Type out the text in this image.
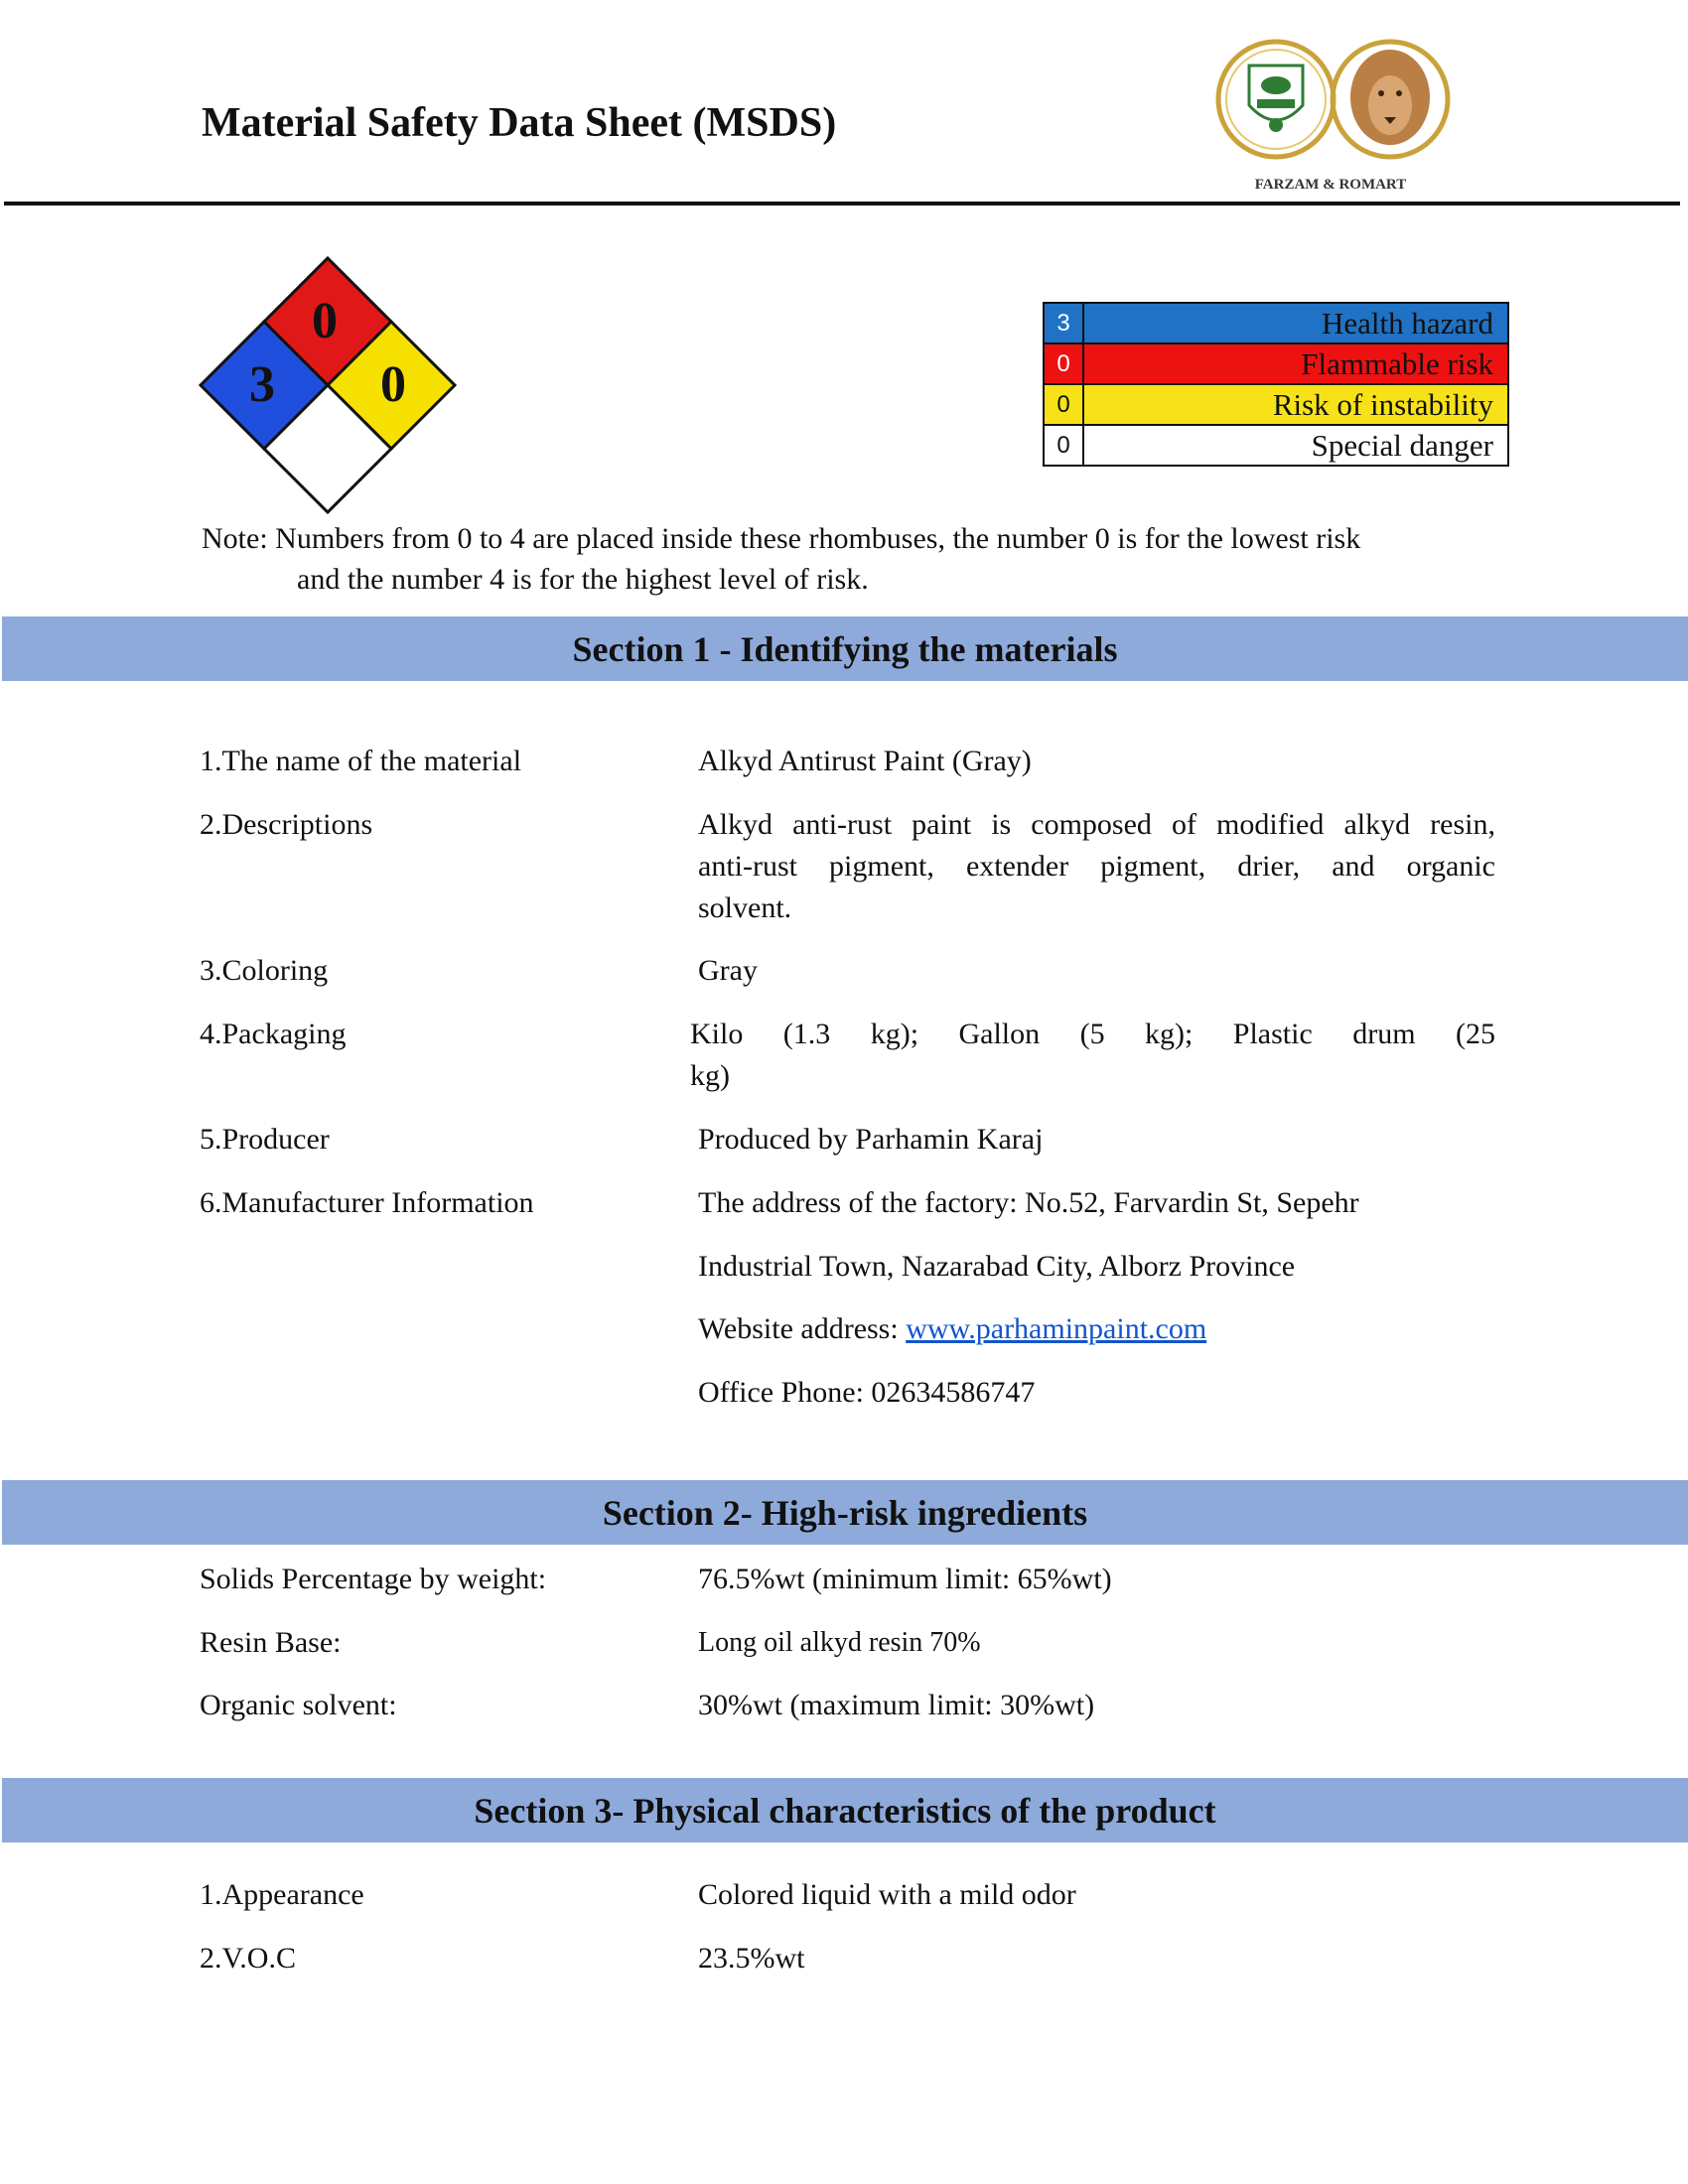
Material Safety Data Sheet (MSDS)
FARZAM & ROMART
0
3 0
3	Health hazard
0	Flammable risk
0	Risk of instability
0	Special danger
Note: Numbers from 0 to 4 are placed inside these rhombuses, the number 0 is for the lowest risk
and the number 4 is for the highest level of risk.
Section 1 - Identifying the materials
1.The name of the material	Alkyd Antirust Paint (Gray)
2.Descriptions	Alkyd anti-rust paint is composed of modified alkyd resin,
anti-rust pigment, extender pigment, drier, and organic
solvent.
3.Coloring	Gray
4.Packaging	Kilo (1.3 kg); Gallon (5 kg); Plastic drum (25
kg)
5.Producer	Produced by Parhamin Karaj
6.Manufacturer Information	The address of the factory: No.52, Farvardin St, Sepehr
Industrial Town, Nazarabad City, Alborz Province
Website address: www.parhaminpaint.com
Office Phone: 02634586747
Section 2- High-risk ingredients
Solids Percentage by weight:	76.5%wt (minimum limit: 65%wt)
Resin Base:	Long oil alkyd resin 70%
Organic solvent:	30%wt (maximum limit: 30%wt)
Section 3- Physical characteristics of the product
1.Appearance	Colored liquid with a mild odor
2.V.O.C	23.5%wt
